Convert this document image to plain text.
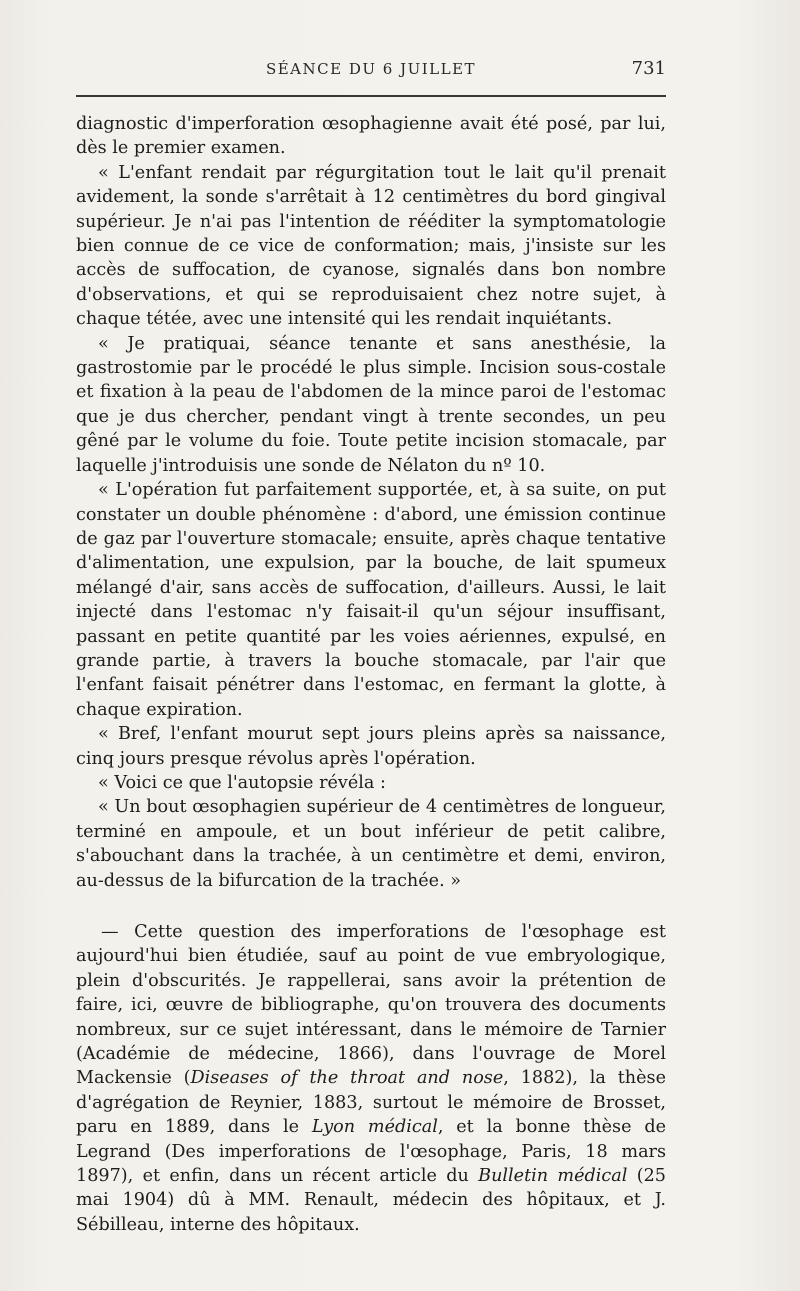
SÉANCE DU 6 JUILLET	731

diagnostic d'imperforation œsophagienne avait été posé, par lui, dès le premier examen.

« L'enfant rendait par régurgitation tout le lait qu'il prenait avidement, la sonde s'arrêtait à 12 centimètres du bord gingival supérieur. Je n'ai pas l'intention de rééditer la symptomatologie bien connue de ce vice de conformation; mais, j'insiste sur les accès de suffocation, de cyanose, signalés dans bon nombre d'observations, et qui se reproduisaient chez notre sujet, à chaque tétée, avec une intensité qui les rendait inquiétants.

« Je pratiquai, séance tenante et sans anesthésie, la gastrostomie par le procédé le plus simple. Incision sous-costale et fixation à la peau de l'abdomen de la mince paroi de l'estomac que je dus chercher, pendant vingt à trente secondes, un peu gêné par le volume du foie. Toute petite incision stomacale, par laquelle j'introduisis une sonde de Nélaton du nº 10.

« L'opération fut parfaitement supportée, et, à sa suite, on put constater un double phénomène : d'abord, une émission continue de gaz par l'ouverture stomacale; ensuite, après chaque tentative d'alimentation, une expulsion, par la bouche, de lait spumeux mélangé d'air, sans accès de suffocation, d'ailleurs. Aussi, le lait injecté dans l'estomac n'y faisait-il qu'un séjour insuffisant, passant en petite quantité par les voies aériennes, expulsé, en grande partie, à travers la bouche stomacale, par l'air que l'enfant faisait pénétrer dans l'estomac, en fermant la glotte, à chaque expiration.

« Bref, l'enfant mourut sept jours pleins après sa naissance, cinq jours presque révolus après l'opération.

« Voici ce que l'autopsie révéla :

« Un bout œsophagien supérieur de 4 centimètres de longueur, terminé en ampoule, et un bout inférieur de petit calibre, s'abouchant dans la trachée, à un centimètre et demi, environ, au-dessus de la bifurcation de la trachée. »

— Cette question des imperforations de l'œsophage est aujourd'hui bien étudiée, sauf au point de vue embryologique, plein d'obscurités. Je rappellerai, sans avoir la prétention de faire, ici, œuvre de bibliographe, qu'on trouvera des documents nombreux, sur ce sujet intéressant, dans le mémoire de Tarnier (Académie de médecine, 1866), dans l'ouvrage de Morel Mackensie (Diseases of the throat and nose, 1882), la thèse d'agrégation de Reynier, 1883, surtout le mémoire de Brosset, paru en 1889, dans le Lyon médical, et la bonne thèse de Legrand (Des imperforations de l'œsophage, Paris, 18 mars 1897), et enfin, dans un récent article du Bulletin médical (25 mai 1904) dû à MM. Renault, médecin des hôpitaux, et J. Sébilleau, interne des hôpitaux.
